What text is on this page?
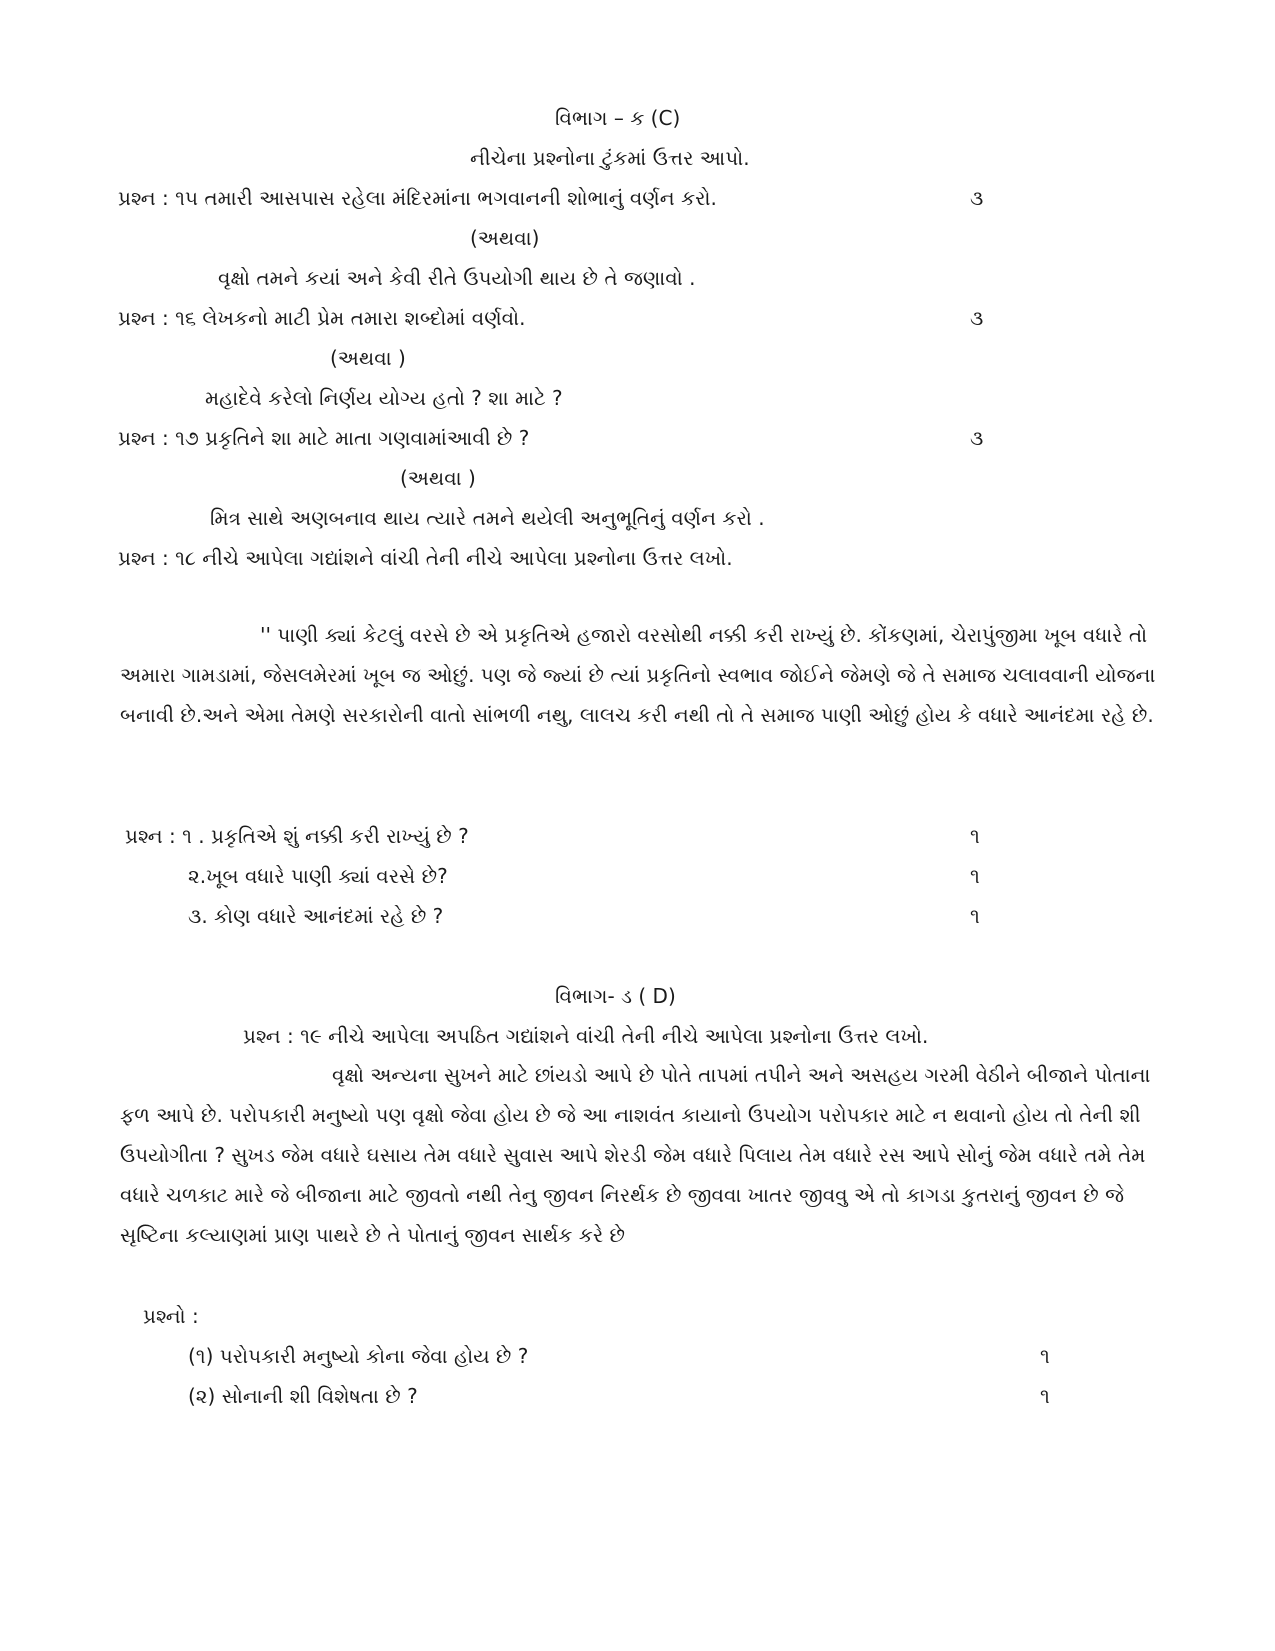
વિભાગ – ક (C)
નીચેના પ્રશ્નોના ટુંકમાં ઉત્તર આપો.
પ્રશ્ન : ૧૫ તમારી આસપાસ રહેલા મંદિરમાંના ભગવાનની શોભાનું વર્ણન કરો.	૩
(અથવા)
વૃક્ષો તમને કયાં અને કેવી રીતે ઉપયોગી થાય છે તે જણાવો .
પ્રશ્ન : ૧૬ લેખકનો માટી પ્રેમ તમારા શબ્દોમાં વર્ણવો.	૩
(અથવા )
મહાદેવે કરેલો નિર્ણય યોગ્ય હતો ? શા માટે ?
પ્રશ્ન : ૧૭ પ્રકૃતિને શા માટે માતા ગણવામાંઆવી છે ?	૩
(અથવા )
મિત્ર સાથે અણબનાવ થાય ત્યારે તમને થયેલી અનુભૂતિનું વર્ણન કરો .
પ્રશ્ન : ૧૮ નીચે આપેલા ગદ્યાંશને વાંચી તેની નીચે આપેલા પ્રશ્નોના ઉત્તર લખો.
'' પાણી ક્યાં કેટલું વરસે છે એ પ્રકૃતિએ હજારો વરસોથી નક્કી કરી રાખ્યું છે. કોંકણમાં, ચેરાપુંજીમા ખૂબ વધારે તો અમારા ગામડામાં, જેસલમેરમાં ખૂબ જ ઓછું. પણ જે જ્યાં છે ત્યાં પ્રકૃતિનો સ્વભાવ જોઈને જેમણે જે તે સમાજ ચલાવવાની યોજના બનાવી છે.અને એમા તેમણે સરકારોની વાતો સાંભળી નથુ, લાલચ કરી નથી તો તે સમાજ પાણી ઓછું હોય કે વધારે આનંદમા રહે છે.
પ્રશ્ન : ૧ . પ્રકૃતિએ શું નક્કી કરી રાખ્યું છે ?	૧
૨.ખૂબ વધારે પાણી ક્યાં વરસે છે?	૧
૩. કોણ વધારે આનંદમાં રહે છે ?	૧
વિભાગ- ડ ( D)
પ્રશ્ન : ૧૯ નીચે આપેલા અપઠિત ગદ્યાંશને વાંચી તેની નીચે આપેલા પ્રશ્નોના ઉત્તર લખો.
વૃક્ષો અન્યના સુખને માટે છાંયડો આપે છે પોતે તાપમાં તપીને અને અસહય ગરમી વેઠીને બીજાને પોતાના ફળ આપે છે. પરોપકારી મનુષ્યો પણ વૃક્ષો જેવા હોય છે જે આ નાશવંત કાયાનો ઉપયોગ પરોપકાર માટે ન થવાનો હોય તો તેની શી ઉપયોગીતા ? સુખડ જેમ વધારે ઘસાય તેમ વધારે સુવાસ આપે શેરડી જેમ વધારે પિલાય તેમ વધારે રસ આપે સોનું જેમ વધારે તમે તેમ વધારે ચળકાટ મારે જે બીજાના માટે જીવતો નથી તેનુ જીવન નિરર્થક છે જીવવા ખાતર જીવવુ એ તો કાગડા કુતરાનું જીવન છે જે સૃષ્ટિના કલ્યાણમાં પ્રાણ પાથરે છે તે પોતાનું જીવન સાર્થક કરે છે
પ્રશ્નો :
(૧) પરોપકારી મનુષ્યો કોના જેવા હોય છે ?	૧
(૨) સોનાની શી વિશેષતા છે ?	૧
